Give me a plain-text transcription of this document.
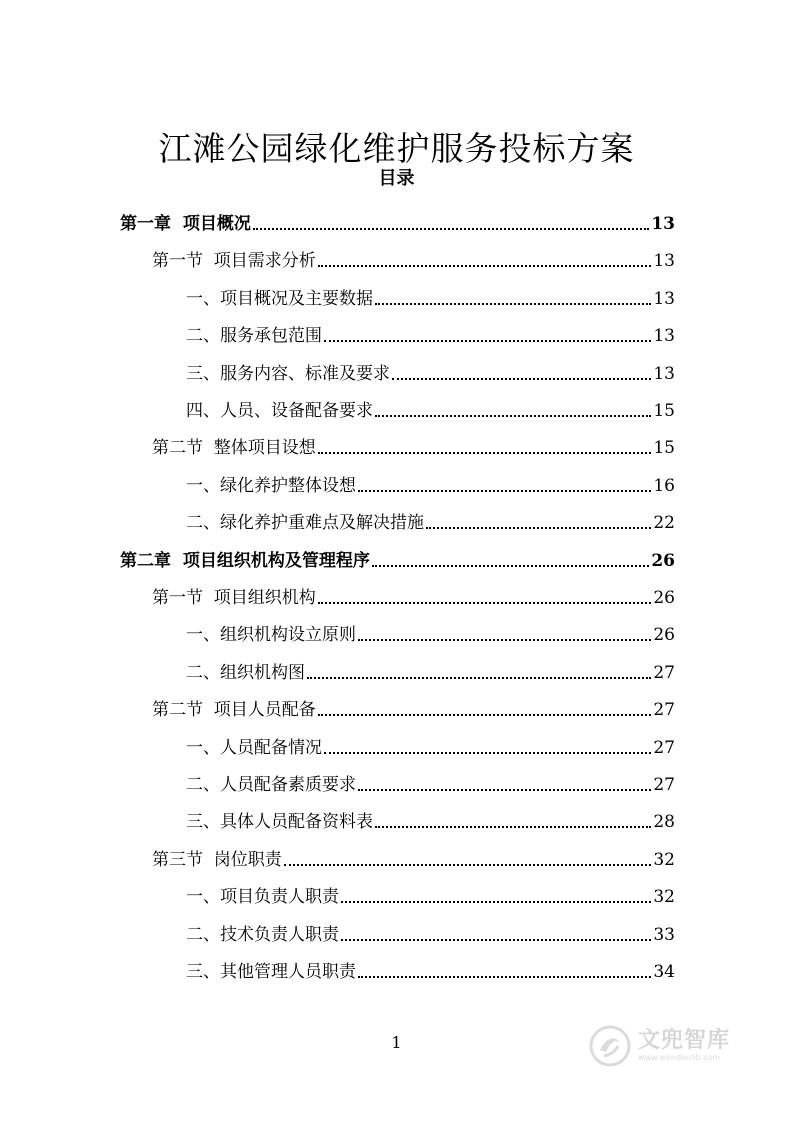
江滩公园绿化维护服务投标方案
目录
第一章  项目概况	13
第一节  项目需求分析	13
一、项目概况及主要数据	13
二、服务承包范围	13
三、服务内容、标准及要求	13
四、人员、设备配备要求	15
第二节  整体项目设想	15
一、绿化养护整体设想	16
二、绿化养护重难点及解决措施	22
第二章  项目组织机构及管理程序	26
第一节  项目组织机构	26
一、组织机构设立原则	26
二、组织机构图	27
第二节  项目人员配备	27
一、人员配备情况	27
二、人员配备素质要求	27
三、具体人员配备资料表	28
第三节  岗位职责	32
一、项目负责人职责	32
二、技术负责人职责	33
三、其他管理人员职责	34
1	文兜智库
www.wendoulib.com
